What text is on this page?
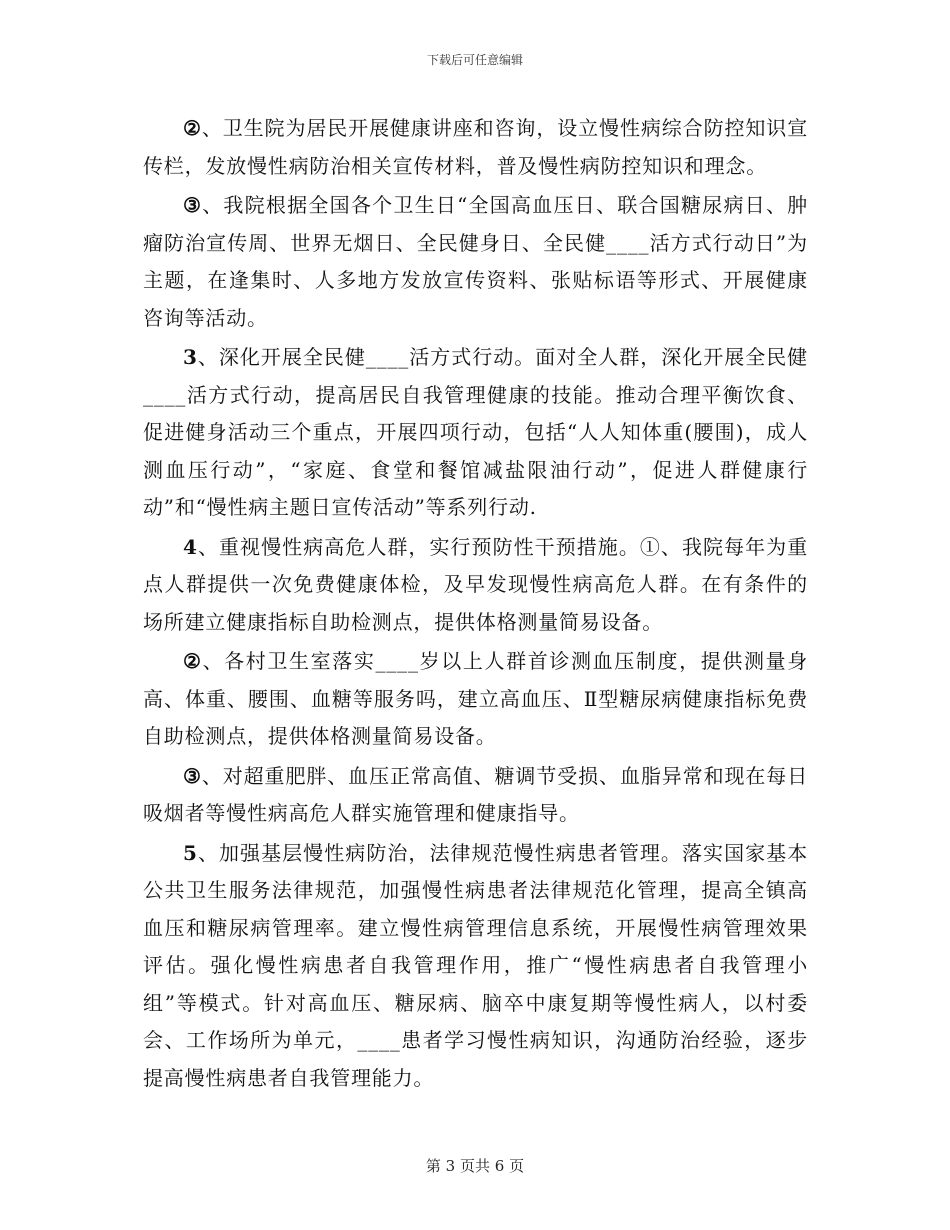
下载后可任意编辑

②、卫生院为居民开展健康讲座和咨询，设立慢性病综合防控知识宣传栏，发放慢性病防治相关宣传材料，普及慢性病防控知识和理念。

③、我院根据全国各个卫生日“全国高血压日、联合国糖尿病日、肿瘤防治宣传周、世界无烟日、全民健身日、全民健____活方式行动日”为主题，在逢集时、人多地方发放宣传资料、张贴标语等形式、开展健康咨询等活动。

3、深化开展全民健____活方式行动。面对全人群，深化开展全民健____活方式行动，提高居民自我管理健康的技能。推动合理平衡饮食、促进健身活动三个重点，开展四项行动，包括“人人知体重(腰围)，成人测血压行动”，“家庭、食堂和餐馆减盐限油行动”，促进人群健康行动”和“慢性病主题日宣传活动”等系列行动.

4、重视慢性病高危人群，实行预防性干预措施。①、我院每年为重点人群提供一次免费健康体检，及早发现慢性病高危人群。在有条件的场所建立健康指标自助检测点，提供体格测量简易设备。

②、各村卫生室落实____岁以上人群首诊测血压制度，提供测量身高、体重、腰围、血糖等服务吗，建立高血压、Ⅱ型糖尿病健康指标免费自助检测点，提供体格测量简易设备。

③、对超重肥胖、血压正常高值、糖调节受损、血脂异常和现在每日吸烟者等慢性病高危人群实施管理和健康指导。

5、加强基层慢性病防治，法律规范慢性病患者管理。落实国家基本公共卫生服务法律规范，加强慢性病患者法律规范化管理，提高全镇高血压和糖尿病管理率。建立慢性病管理信息系统，开展慢性病管理效果评估。强化慢性病患者自我管理作用，推广“慢性病患者自我管理小组”等模式。针对高血压、糖尿病、脑卒中康复期等慢性病人，以村委会、工作场所为单元，____患者学习慢性病知识，沟通防治经验，逐步提高慢性病患者自我管理能力。

第 3 页共 6 页
